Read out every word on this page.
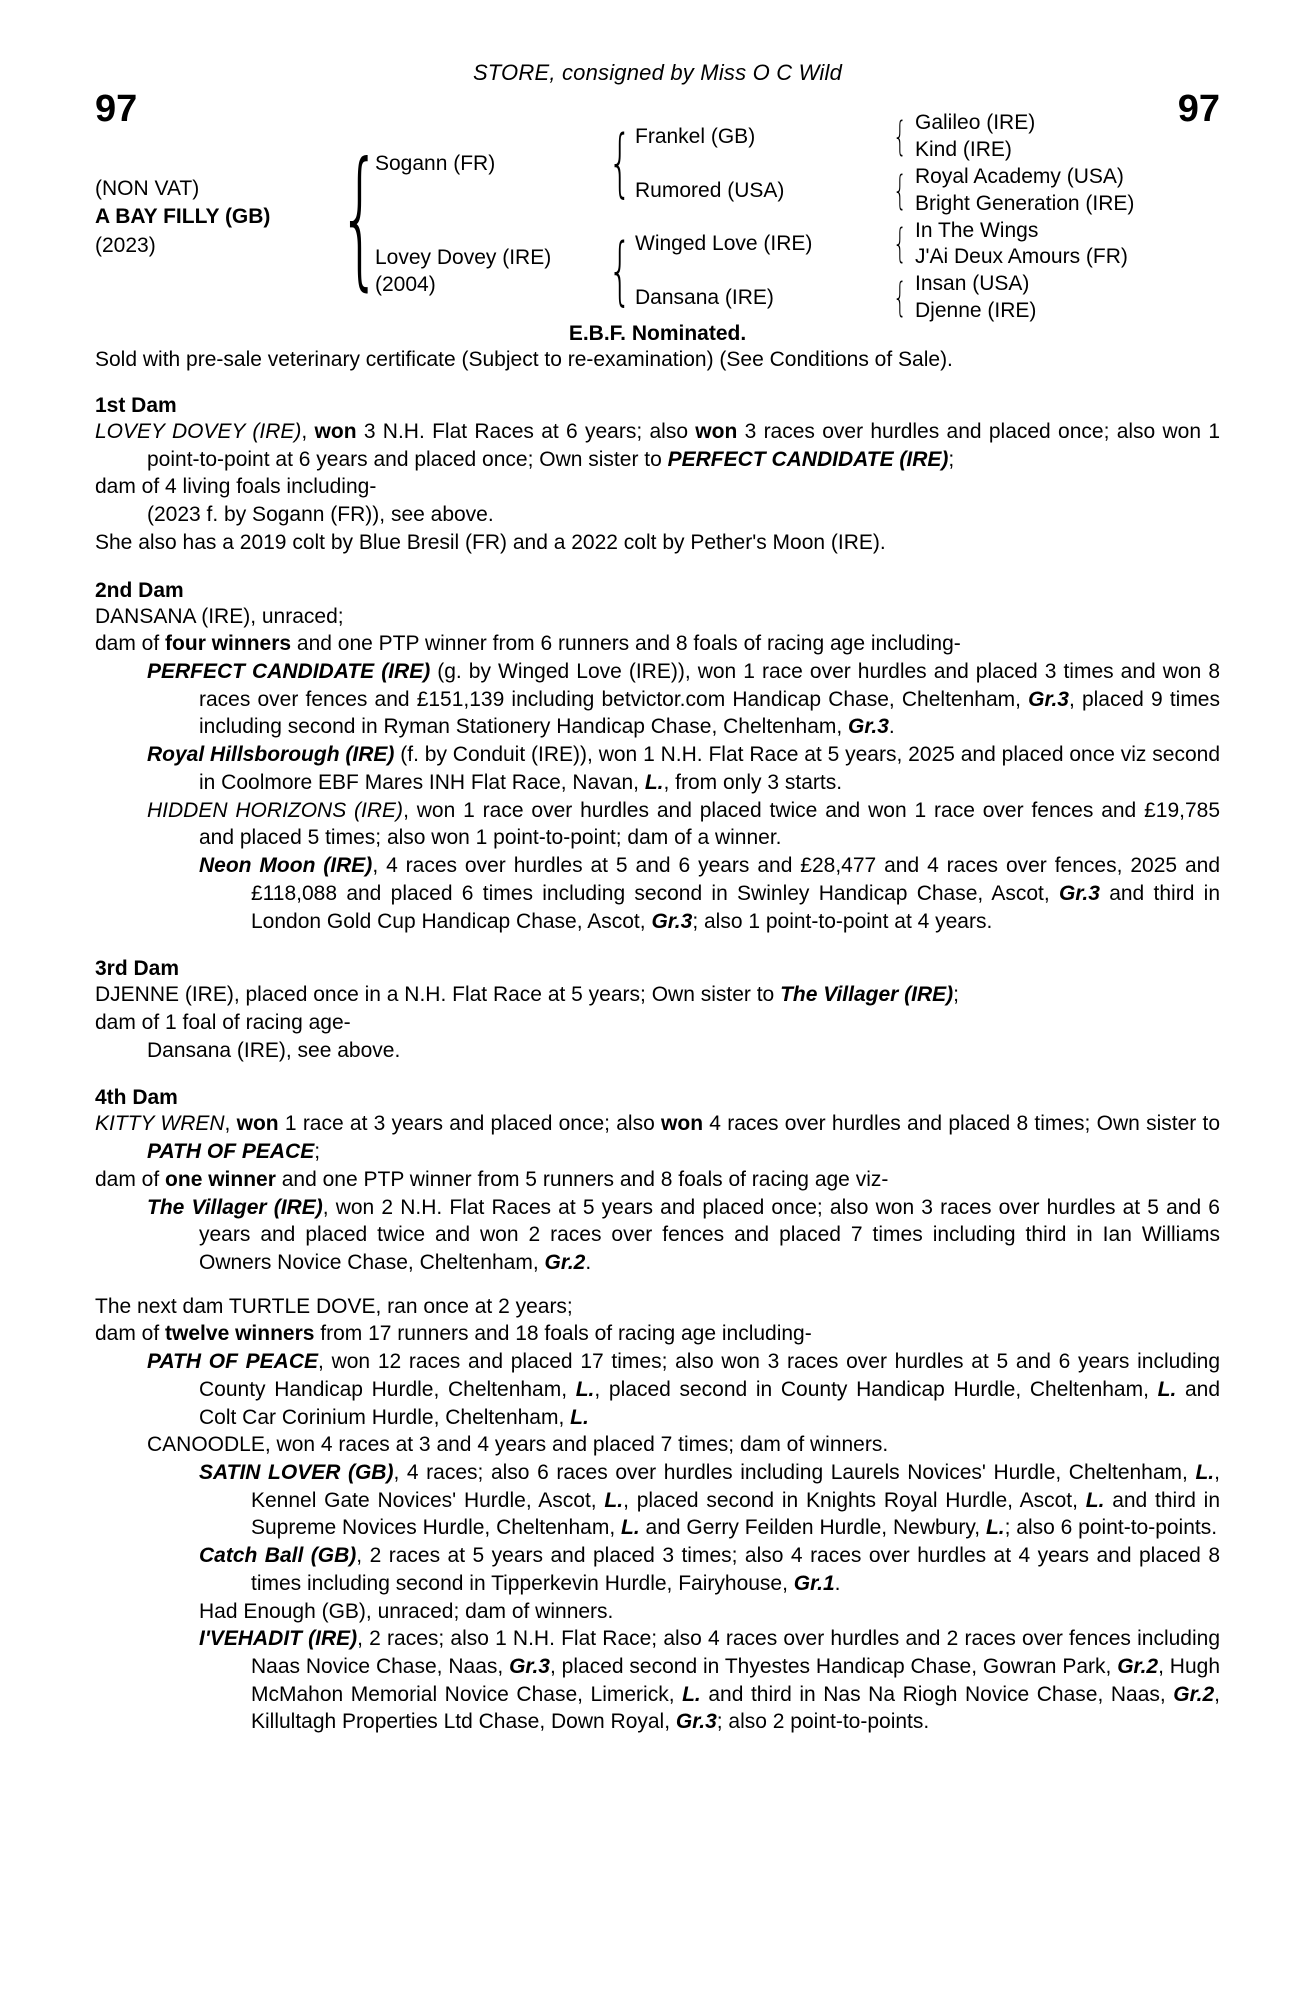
STORE, consigned by Miss O C Wild
97	97
(NON VAT)
A BAY FILLY (GB)
(2023)	{
Sogann (FR)
Lovey Dovey (IRE)
(2004)
{
{
Frankel (GB)
Rumored (USA)
Winged Love (IRE)
Dansana (IRE)
{
{
{
{
Galileo (IRE)
Kind (IRE)
Royal Academy (USA)
Bright Generation (IRE)
In The Wings
J'Ai Deux Amours (FR)
Insan (USA)
Djenne (IRE)
E.B.F. Nominated.
Sold with pre-sale veterinary certificate (Subject to re-examination) (See Conditions of Sale).
1st Dam

LOVEY DOVEY (IRE), won 3 N.H. Flat Races at 6 years; also won 3 races over hurdles and placed once; also won 1 point-to-point at 6 years and placed once; Own sister to PERFECT CANDIDATE (IRE);

dam of 4 living foals including-

(2023 f. by Sogann (FR)), see above.

She also has a 2019 colt by Blue Bresil (FR) and a 2022 colt by Pether's Moon (IRE).

2nd Dam

DANSANA (IRE), unraced;

dam of four winners and one PTP winner from 6 runners and 8 foals of racing age including-

PERFECT CANDIDATE (IRE) (g. by Winged Love (IRE)), won 1 race over hurdles and placed 3 times and won 8 races over fences and £151,139 including betvictor.com Handicap Chase, Cheltenham, Gr.3, placed 9 times including second in Ryman Stationery Handicap Chase, Cheltenham, Gr.3.

Royal Hillsborough (IRE) (f. by Conduit (IRE)), won 1 N.H. Flat Race at 5 years, 2025 and placed once viz second in Coolmore EBF Mares INH Flat Race, Navan, L., from only 3 starts.

HIDDEN HORIZONS (IRE), won 1 race over hurdles and placed twice and won 1 race over fences and £19,785 and placed 5 times; also won 1 point-to-point; dam of a winner.

Neon Moon (IRE), 4 races over hurdles at 5 and 6 years and £28,477 and 4 races over fences, 2025 and £118,088 and placed 6 times including second in Swinley Handicap Chase, Ascot, Gr.3 and third in London Gold Cup Handicap Chase, Ascot, Gr.3; also 1 point-to-point at 4 years.

3rd Dam

DJENNE (IRE), placed once in a N.H. Flat Race at 5 years; Own sister to The Villager (IRE);

dam of 1 foal of racing age-

Dansana (IRE), see above.

4th Dam

KITTY WREN, won 1 race at 3 years and placed once; also won 4 races over hurdles and placed 8 times; Own sister to PATH OF PEACE;

dam of one winner and one PTP winner from 5 runners and 8 foals of racing age viz-

The Villager (IRE), won 2 N.H. Flat Races at 5 years and placed once; also won 3 races over hurdles at 5 and 6 years and placed twice and won 2 races over fences and placed 7 times including third in Ian Williams Owners Novice Chase, Cheltenham, Gr.2.

The next dam TURTLE DOVE, ran once at 2 years;

dam of twelve winners from 17 runners and 18 foals of racing age including-

PATH OF PEACE, won 12 races and placed 17 times; also won 3 races over hurdles at 5 and 6 years including County Handicap Hurdle, Cheltenham, L., placed second in County Handicap Hurdle, Cheltenham, L. and Colt Car Corinium Hurdle, Cheltenham, L.

CANOODLE, won 4 races at 3 and 4 years and placed 7 times; dam of winners.

SATIN LOVER (GB), 4 races; also 6 races over hurdles including Laurels Novices' Hurdle, Cheltenham, L., Kennel Gate Novices' Hurdle, Ascot, L., placed second in Knights Royal Hurdle, Ascot, L. and third in Supreme Novices Hurdle, Cheltenham, L. and Gerry Feilden Hurdle, Newbury, L.; also 6 point-to-points.

Catch Ball (GB), 2 races at 5 years and placed 3 times; also 4 races over hurdles at 4 years and placed 8 times including second in Tipperkevin Hurdle, Fairyhouse, Gr.1.

Had Enough (GB), unraced; dam of winners.

I'VEHADIT (IRE), 2 races; also 1 N.H. Flat Race; also 4 races over hurdles and 2 races over fences including Naas Novice Chase, Naas, Gr.3, placed second in Thyestes Handicap Chase, Gowran Park, Gr.2, Hugh McMahon Memorial Novice Chase, Limerick, L. and third in Nas Na Riogh Novice Chase, Naas, Gr.2, Killultagh Properties Ltd Chase, Down Royal, Gr.3; also 2 point-to-points.
